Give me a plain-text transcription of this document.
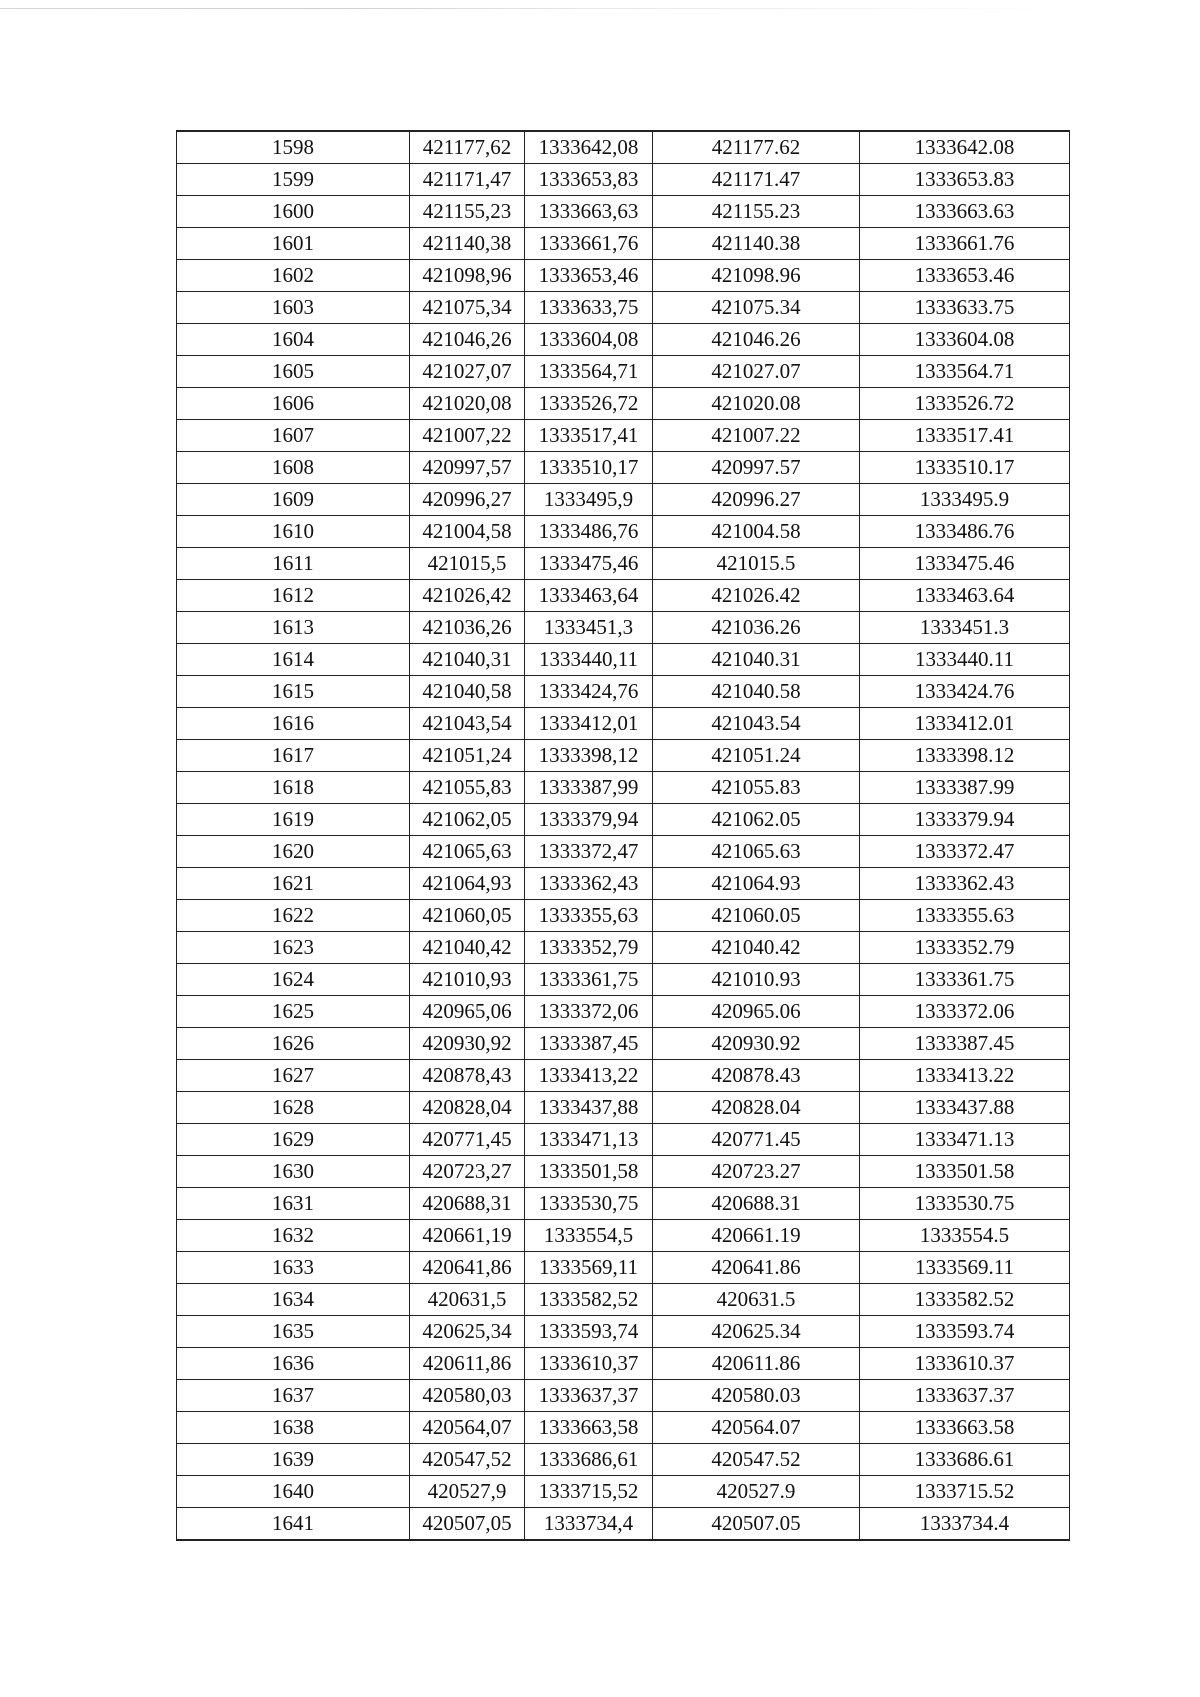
1598	421177,62	1333642,08	421177.62	1333642.08
1599	421171,47	1333653,83	421171.47	1333653.83
1600	421155,23	1333663,63	421155.23	1333663.63
1601	421140,38	1333661,76	421140.38	1333661.76
1602	421098,96	1333653,46	421098.96	1333653.46
1603	421075,34	1333633,75	421075.34	1333633.75
1604	421046,26	1333604,08	421046.26	1333604.08
1605	421027,07	1333564,71	421027.07	1333564.71
1606	421020,08	1333526,72	421020.08	1333526.72
1607	421007,22	1333517,41	421007.22	1333517.41
1608	420997,57	1333510,17	420997.57	1333510.17
1609	420996,27	1333495,9	420996.27	1333495.9
1610	421004,58	1333486,76	421004.58	1333486.76
1611	421015,5	1333475,46	421015.5	1333475.46
1612	421026,42	1333463,64	421026.42	1333463.64
1613	421036,26	1333451,3	421036.26	1333451.3
1614	421040,31	1333440,11	421040.31	1333440.11
1615	421040,58	1333424,76	421040.58	1333424.76
1616	421043,54	1333412,01	421043.54	1333412.01
1617	421051,24	1333398,12	421051.24	1333398.12
1618	421055,83	1333387,99	421055.83	1333387.99
1619	421062,05	1333379,94	421062.05	1333379.94
1620	421065,63	1333372,47	421065.63	1333372.47
1621	421064,93	1333362,43	421064.93	1333362.43
1622	421060,05	1333355,63	421060.05	1333355.63
1623	421040,42	1333352,79	421040.42	1333352.79
1624	421010,93	1333361,75	421010.93	1333361.75
1625	420965,06	1333372,06	420965.06	1333372.06
1626	420930,92	1333387,45	420930.92	1333387.45
1627	420878,43	1333413,22	420878.43	1333413.22
1628	420828,04	1333437,88	420828.04	1333437.88
1629	420771,45	1333471,13	420771.45	1333471.13
1630	420723,27	1333501,58	420723.27	1333501.58
1631	420688,31	1333530,75	420688.31	1333530.75
1632	420661,19	1333554,5	420661.19	1333554.5
1633	420641,86	1333569,11	420641.86	1333569.11
1634	420631,5	1333582,52	420631.5	1333582.52
1635	420625,34	1333593,74	420625.34	1333593.74
1636	420611,86	1333610,37	420611.86	1333610.37
1637	420580,03	1333637,37	420580.03	1333637.37
1638	420564,07	1333663,58	420564.07	1333663.58
1639	420547,52	1333686,61	420547.52	1333686.61
1640	420527,9	1333715,52	420527.9	1333715.52
1641	420507,05	1333734,4	420507.05	1333734.4
